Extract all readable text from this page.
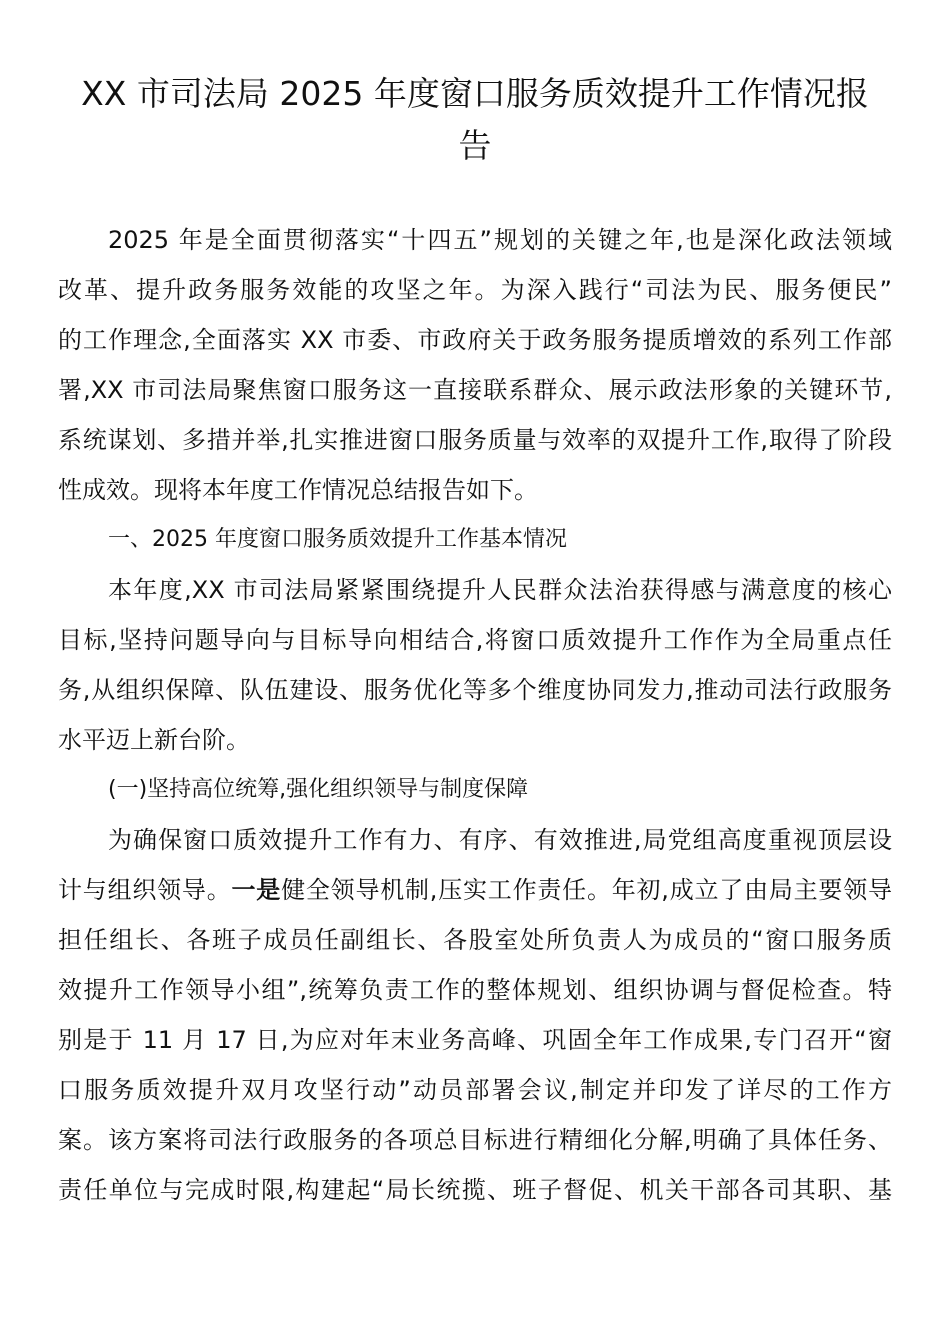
XX 市司法局 2025 年度窗口服务质效提升工作情况报
告
2025 年是全面贯彻落实“十四五”规划的关键之年,也是深化政法领域
改革、提升政务服务效能的攻坚之年。为深入践行“司法为民、服务便民”
的工作理念,全面落实 XX 市委、市政府关于政务服务提质增效的系列工作部
署,XX 市司法局聚焦窗口服务这一直接联系群众、展示政法形象的关键环节,
系统谋划、多措并举,扎实推进窗口服务质量与效率的双提升工作,取得了阶段
性成效。现将本年度工作情况总结报告如下。
一、2025 年度窗口服务质效提升工作基本情况
本年度,XX 市司法局紧紧围绕提升人民群众法治获得感与满意度的核心
目标,坚持问题导向与目标导向相结合,将窗口质效提升工作作为全局重点任
务,从组织保障、队伍建设、服务优化等多个维度协同发力,推动司法行政服务
水平迈上新台阶。
(一)坚持高位统筹,强化组织领导与制度保障
为确保窗口质效提升工作有力、有序、有效推进,局党组高度重视顶层设
计与组织领导。一是健全领导机制,压实工作责任。年初,成立了由局主要领导
担任组长、各班子成员任副组长、各股室处所负责人为成员的“窗口服务质
效提升工作领导小组”,统筹负责工作的整体规划、组织协调与督促检查。特
别是于 11 月 17 日,为应对年末业务高峰、巩固全年工作成果,专门召开“窗
口服务质效提升双月攻坚行动”动员部署会议,制定并印发了详尽的工作方
案。该方案将司法行政服务的各项总目标进行精细化分解,明确了具体任务、
责任单位与完成时限,构建起“局长统揽、班子督促、机关干部各司其职、基
